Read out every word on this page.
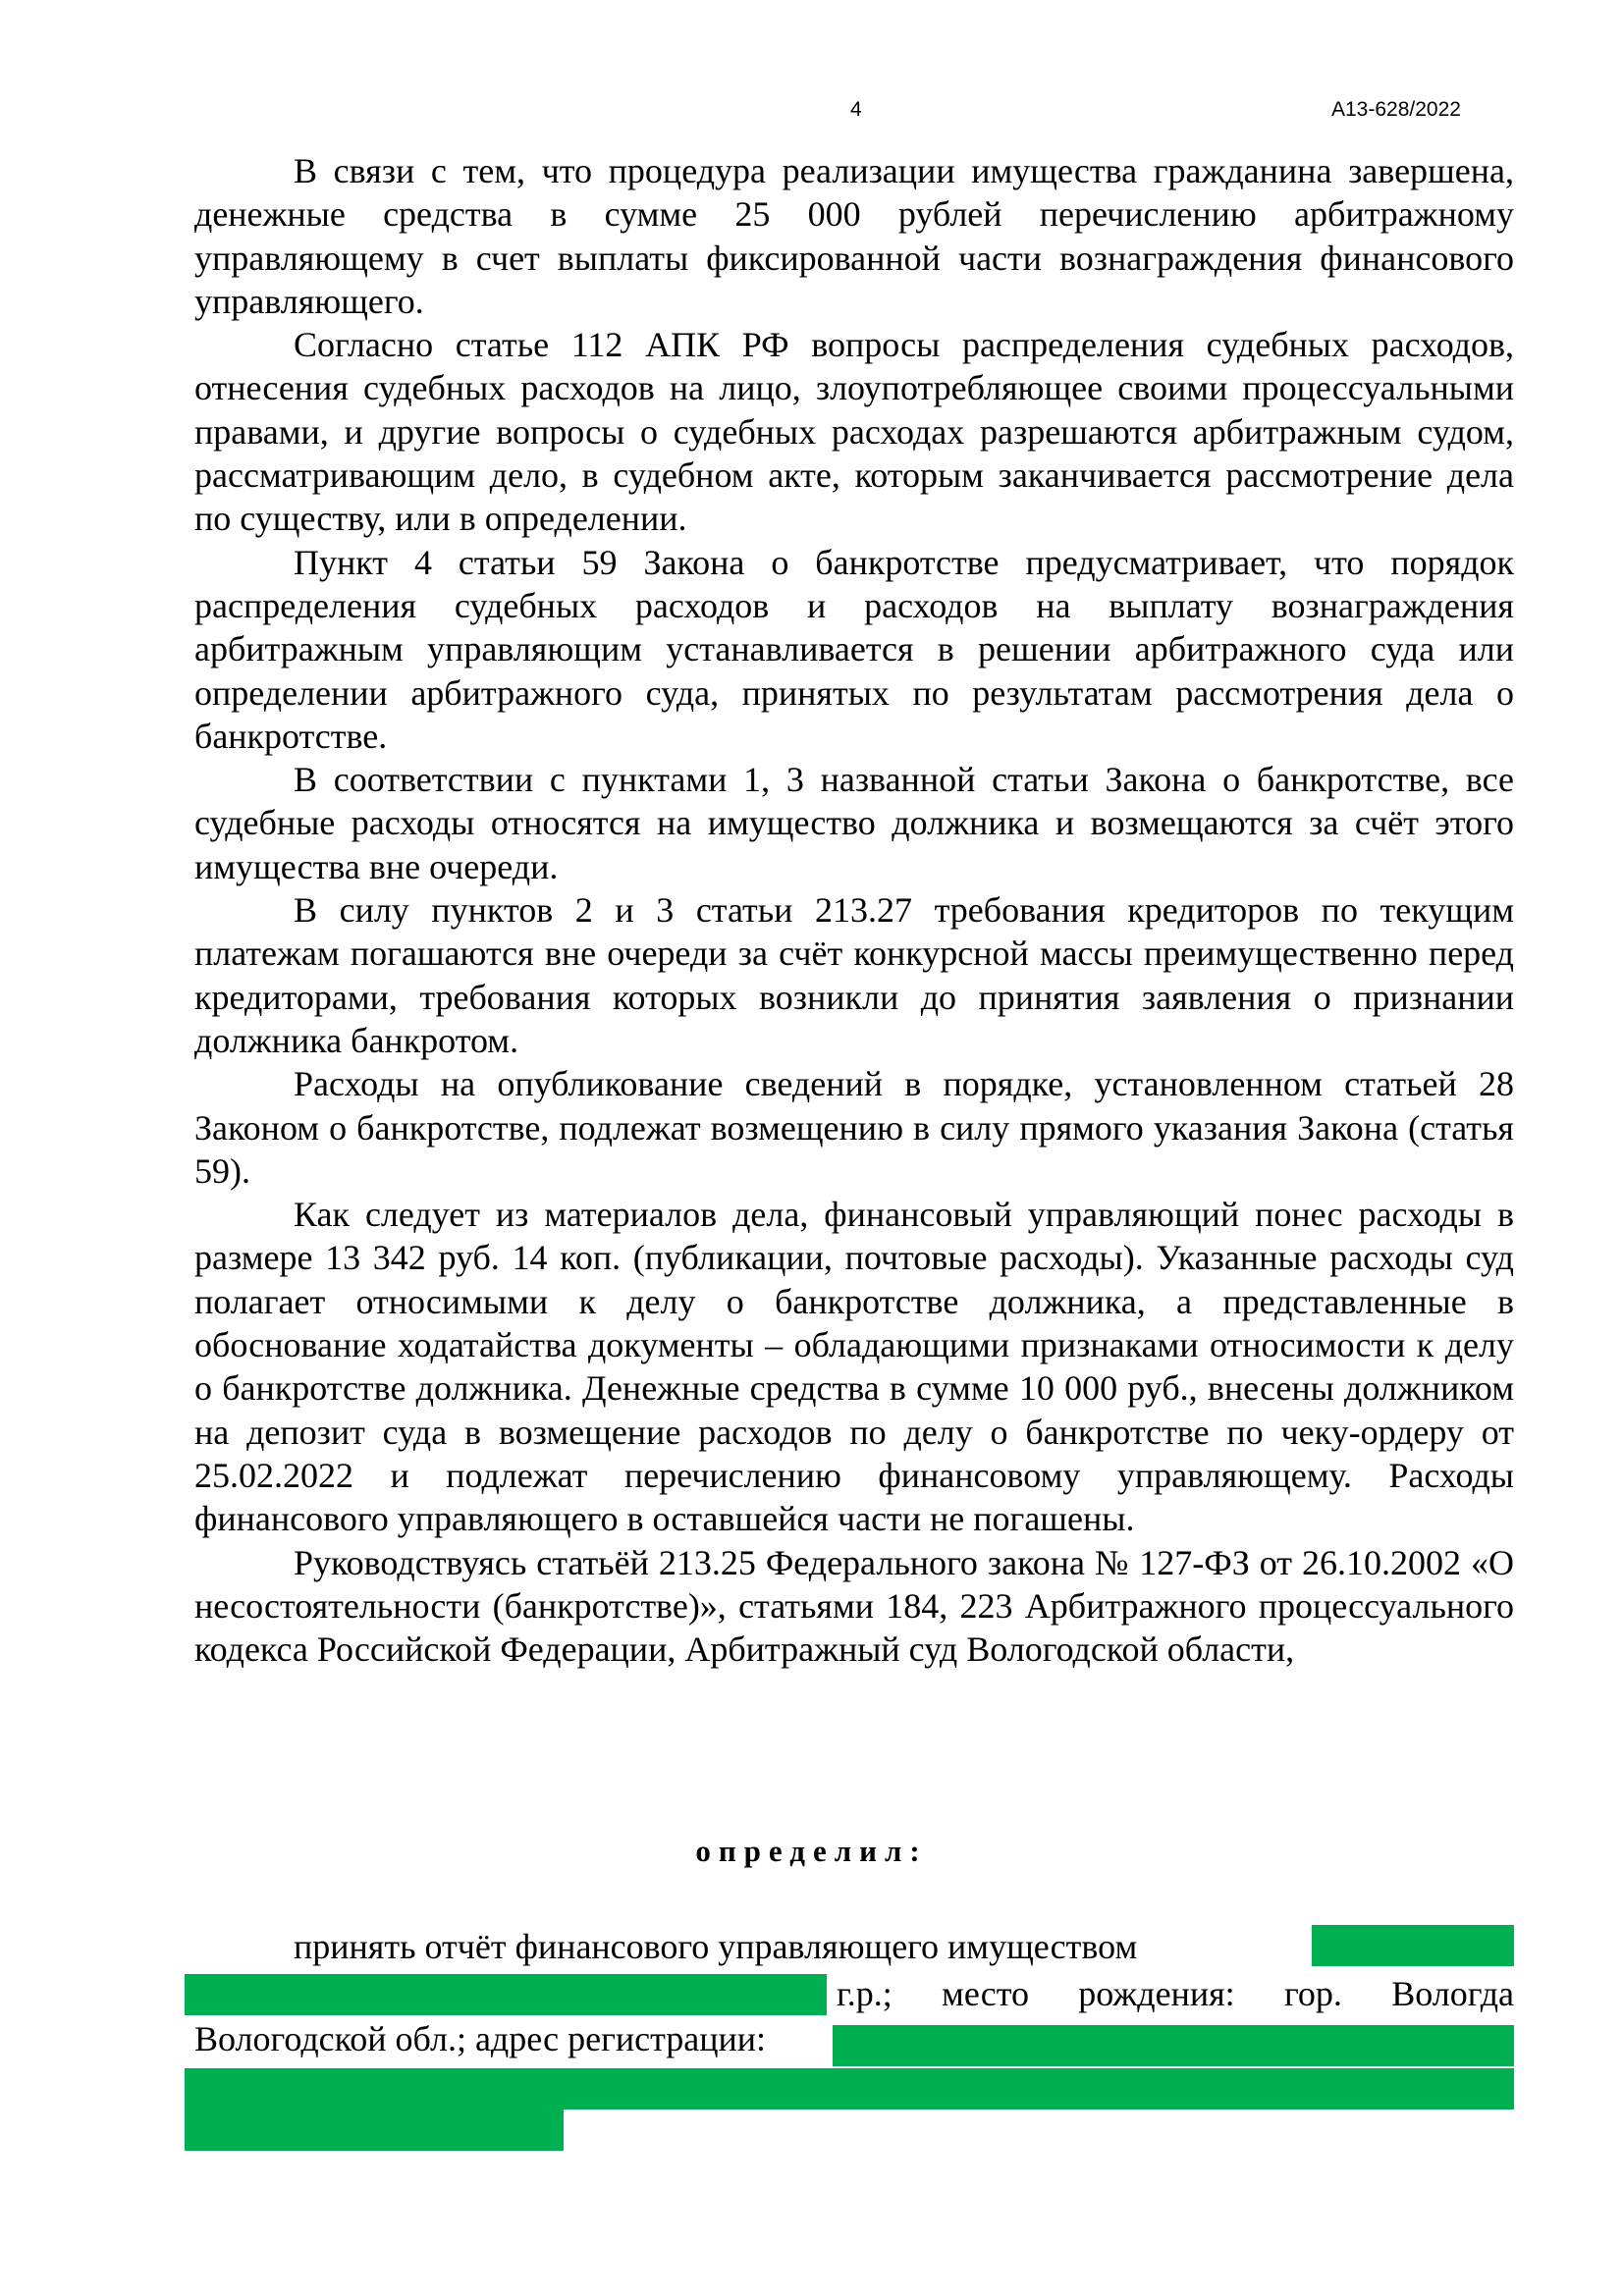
4	А13-628/2022

В связи с тем, что процедура реализации имущества гражданина завершена, денежные средства в сумме 25 000 рублей перечислению арбитражному управляющему в счет выплаты фиксированной части вознаграждения финансового управляющего.

Согласно статье 112 АПК РФ вопросы распределения судебных расходов, отнесения судебных расходов на лицо, злоупотребляющее своими процессуальными правами, и другие вопросы о судебных расходах разрешаются арбитражным судом, рассматривающим дело, в судебном акте, которым заканчивается рассмотрение дела по существу, или в определении.

Пункт 4 статьи 59 Закона о банкротстве предусматривает, что порядок распределения судебных расходов и расходов на выплату вознаграждения арбитражным управляющим устанавливается в решении арбитражного суда или определении арбитражного суда, принятых по результатам рассмотрения дела о банкротстве.

В соответствии с пунктами 1, 3 названной статьи Закона о банкротстве, все судебные расходы относятся на имущество должника и возмещаются за счёт этого имущества вне очереди.

В силу пунктов 2 и 3 статьи 213.27 требования кредиторов по текущим платежам погашаются вне очереди за счёт конкурсной массы преимущественно перед кредиторами, требования которых возникли до принятия заявления о признании должника банкротом.

Расходы на опубликование сведений в порядке, установленном статьей 28 Законом о банкротстве, подлежат возмещению в силу прямого указания Закона (статья 59).

Как следует из материалов дела, финансовый управляющий понес расходы в размере 13 342 руб. 14 коп. (публикации, почтовые расходы). Указанные расходы суд полагает относимыми к делу о банкротстве должника, а представленные в обоснование ходатайства документы – обладающими признаками относимости к делу о банкротстве должника. Денежные средства в сумме 10 000 руб., внесены должником на депозит суда в возмещение расходов по делу о банкротстве по чеку-ордеру от 25.02.2022 и подлежат перечислению финансовому управляющему. Расходы финансового управляющего в оставшейся части не погашены.

Руководствуясь статьёй 213.25 Федерального закона № 127-ФЗ от 26.10.2002 «О несостоятельности (банкротстве)», статьями 184, 223 Арбитражного процессуального кодекса Российской Федерации, Арбитражный суд Вологодской области,

определил:
принять отчёт финансового управляющего имуществом
г.р.; место рождения: гор. Вологда
Вологодской обл.; адрес регистрации:
